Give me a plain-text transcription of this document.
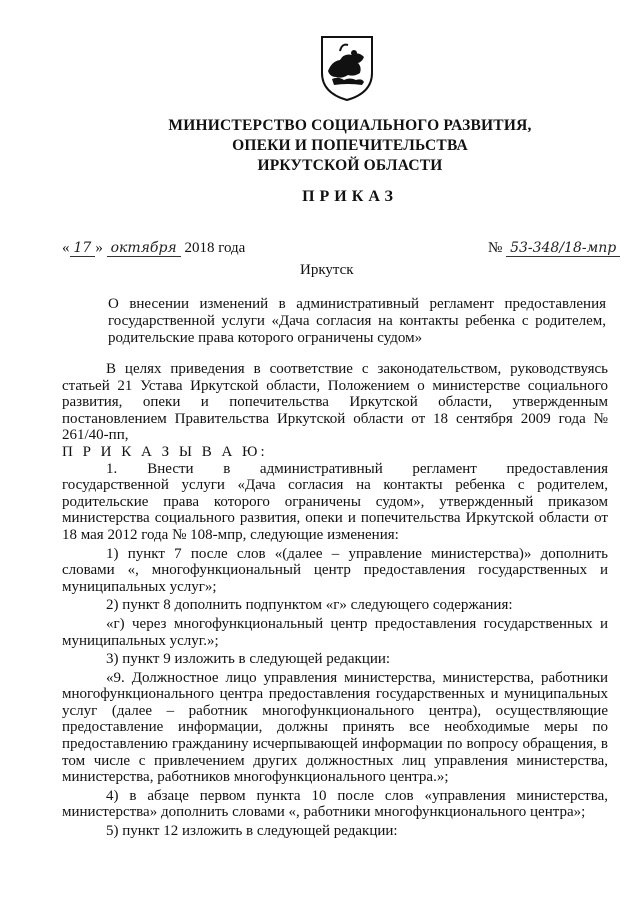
МИНИСТЕРСТВО СОЦИАЛЬНОГО РАЗВИТИЯ,
ОПЕКИ И ПОПЕЧИТЕЛЬСТВА
ИРКУТСКОЙ ОБЛАСТИ
ПРИКАЗ
« 17 » октября 2018 года	№ 53-348/18-мпр
Иркутск
О внесении изменений в административный регламент предоставления государственной услуги «Дача согласия на контакты ребенка с родителем, родительские права которого ограничены судом»

В целях приведения в соответствие с законодательством, руководствуясь статьей 21 Устава Иркутской области, Положением о министерстве социального развития, опеки и попечительства Иркутской области, утвержденным постановлением Правительства Иркутской области от 18 сентября 2009 года № 261/40-пп,

П Р И К А З Ы В А Ю:

1.  Внести в административный регламент предоставления государственной услуги «Дача согласия на контакты ребенка с родителем, родительские права которого ограничены судом», утвержденный приказом министерства социального развития, опеки и попечительства Иркутской области от 18 мая 2012 года № 108-мпр, следующие изменения:

1) пункт 7 после слов «(далее – управление министерства)» дополнить словами «, многофункциональный центр предоставления государственных и муниципальных услуг»;

2) пункт 8 дополнить подпунктом «г» следующего содержания:

«г) через многофункциональный центр предоставления государственных и муниципальных услуг.»;

3) пункт 9 изложить в следующей редакции:

«9. Должностное лицо управления министерства, министерства, работники многофункционального центра предоставления государственных и муниципальных услуг (далее – работник многофункционального центра), осуществляющие предоставление информации, должны принять все необходимые меры по предоставлению гражданину исчерпывающей информации по вопросу обращения, в том числе с привлечением других должностных лиц управления министерства, министерства, работников многофункционального центра.»;

4) в абзаце первом пункта 10 после слов «управления министерства, министерства» дополнить словами «, работники многофункционального центра»;

5) пункт 12 изложить в следующей редакции:
